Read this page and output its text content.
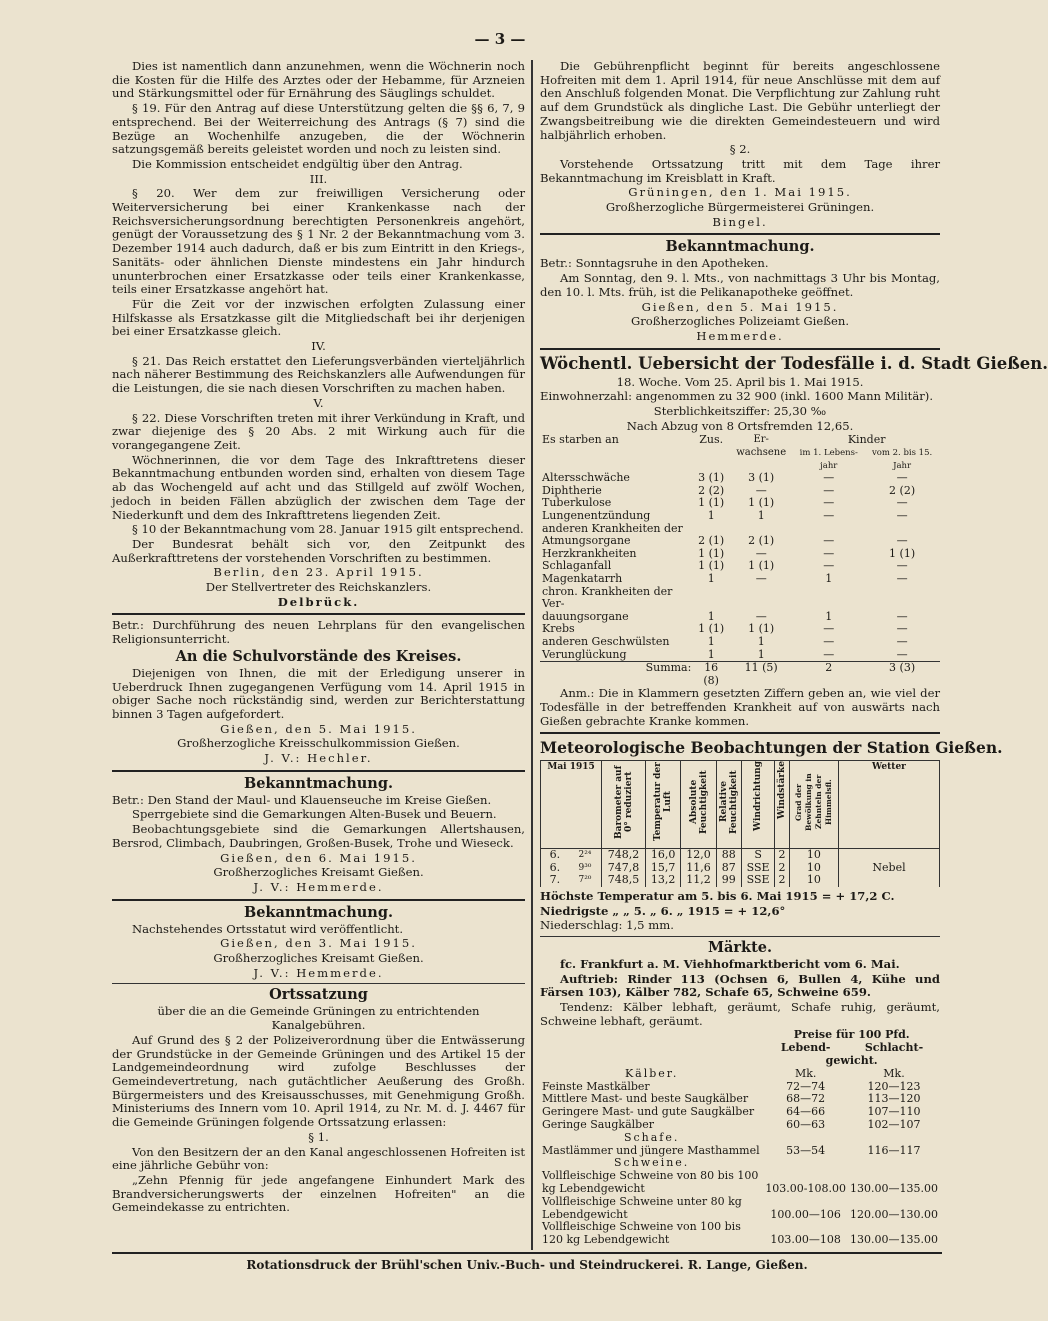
— 3 —

Dies ist namentlich dann anzunehmen, wenn die Wöchnerin noch die Kosten für die Hilfe des Arztes oder der Hebamme, für Arzneien und Stärkungsmittel oder für Ernährung des Säuglings schuldet.

§ 19. Für den Antrag auf diese Unterstützung gelten die §§ 6, 7, 9 entsprechend. Bei der Weiterreichung des Antrags (§ 7) sind die Bezüge an Wochenhilfe anzugeben, die der Wöchnerin satzungsgemäß bereits geleistet worden und noch zu leisten sind.

Die Kommission entscheidet endgültig über den Antrag.

III.

§ 20. Wer dem zur freiwilligen Versicherung oder Weiterversicherung bei einer Krankenkasse nach der Reichsversicherungsordnung berechtigten Personenkreis angehört, genügt der Voraussetzung des § 1 Nr. 2 der Bekanntmachung vom 3. Dezember 1914 auch dadurch, daß er bis zum Eintritt in den Kriegs-, Sanitäts- oder ähnlichen Dienste mindestens ein Jahr hindurch ununterbrochen einer Ersatzkasse oder teils einer Krankenkasse, teils einer Ersatzkasse angehört hat.

Für die Zeit vor der inzwischen erfolgten Zulassung einer Hilfskasse als Ersatzkasse gilt die Mitgliedschaft bei ihr derjenigen bei einer Ersatzkasse gleich.

IV.

§ 21. Das Reich erstattet den Lieferungsverbänden vierteljährlich nach näherer Bestimmung des Reichskanzlers alle Aufwendungen für die Leistungen, die sie nach diesen Vorschriften zu machen haben.

V.

§ 22. Diese Vorschriften treten mit ihrer Verkündung in Kraft, und zwar diejenige des § 20 Abs. 2 mit Wirkung auch für die vorangegangene Zeit.

Wöchnerinnen, die vor dem Tage des Inkrafttretens dieser Bekanntmachung entbunden worden sind, erhalten von diesem Tage ab das Wochengeld auf acht und das Stillgeld auf zwölf Wochen, jedoch in beiden Fällen abzüglich der zwischen dem Tage der Niederkunft und dem des Inkrafttretens liegenden Zeit.

§ 10 der Bekanntmachung vom 28. Januar 1915 gilt entsprechend.

Der Bundesrat behält sich vor, den Zeitpunkt des Außerkrafttretens der vorstehenden Vorschriften zu bestimmen.

Berlin, den 23. April 1915.

Der Stellvertreter des Reichskanzlers.

Delbrück.

Betr.: Durchführung des neuen Lehrplans für den evangelischen Religionsunterricht.

An die Schulvorstände des Kreises.

Diejenigen von Ihnen, die mit der Erledigung unserer in Ueberdruck Ihnen zugegangenen Verfügung vom 14. April 1915 in obiger Sache noch rückständig sind, werden zur Berichterstattung binnen 3 Tagen aufgefordert.

Gießen, den 5. Mai 1915.

Großherzogliche Kreisschulkommission Gießen.

J. V.: Hechler.

Bekanntmachung.

Betr.: Den Stand der Maul- und Klauenseuche im Kreise Gießen.

Sperrgebiete sind die Gemarkungen Alten-Busek und Beuern.

Beobachtungsgebiete sind die Gemarkungen Allertshausen, Bersrod, Climbach, Daubringen, Großen-Busek, Trohe und Wieseck.

Gießen, den 6. Mai 1915.

Großherzogliches Kreisamt Gießen.

J. V.: Hemmerde.

Bekanntmachung.

Nachstehendes Ortsstatut wird veröffentlicht.

Gießen, den 3. Mai 1915.

Großherzogliches Kreisamt Gießen.

J. V.: Hemmerde.

Ortssatzung

über die an die Gemeinde Grüningen zu entrichtenden Kanalgebühren.

Auf Grund des § 2 der Polizeiverordnung über die Entwässerung der Grundstücke in der Gemeinde Grüningen und des Artikel 15 der Landgemeindeordnung wird zufolge Beschlusses der Gemeindevertretung, nach gutächtlicher Aeußerung des Großh. Bürgermeisters und des Kreisausschusses, mit Genehmigung Großh. Ministeriums des Innern vom 10. April 1914, zu Nr. M. d. J. 4467 für die Gemeinde Grüningen folgende Ortssatzung erlassen:

§ 1.

Von den Besitzern der an den Kanal angeschlossenen Hofreiten ist eine jährliche Gebühr von:

„Zehn Pfennig für jede angefangene Einhundert Mark des Brandversicherungswerts der einzelnen Hofreiten" an die Gemeindekasse zu entrichten.

Die Gebührenpflicht beginnt für bereits angeschlossene Hofreiten mit dem 1. April 1914, für neue Anschlüsse mit dem auf den Anschluß folgenden Monat. Die Verpflichtung zur Zahlung ruht auf dem Grundstück als dingliche Last. Die Gebühr unterliegt der Zwangsbeitreibung wie die direkten Gemeindesteuern und wird halbjährlich erhoben.

§ 2.

Vorstehende Ortssatzung tritt mit dem Tage ihrer Bekanntmachung im Kreisblatt in Kraft.

Grüningen, den 1. Mai 1915.

Großherzogliche Bürgermeisterei Grüningen.

Bingel.

Bekanntmachung.

Betr.: Sonntagsruhe in den Apotheken.

Am Sonntag, den 9. l. Mts., von nachmittags 3 Uhr bis Montag, den 10. l. Mts. früh, ist die Pelikanapotheke geöffnet.

Gießen, den 5. Mai 1915.

Großherzogliches Polizeiamt Gießen.

Hemmerde.

Wöchentl. Uebersicht der Todesfälle i. d. Stadt Gießen.

18. Woche. Vom 25. April bis 1. Mai 1915.

Einwohnerzahl: angenommen zu 32 900 (inkl. 1600 Mann Militär).

Sterblichkeitsziffer: 25,30 ‰

Nach Abzug von 8 Ortsfremden 12,65.

Es starben an	Zus.	Erwachsene	Kinder	
			im 1. Lebensjahr	vom 2. bis 15. Jahr
Altersschwäche	3 (1)	3 (1)	—	—
Diphtherie	2 (2)	—	—	2 (2)
Tuberkulose	1 (1)	1 (1)	—	—
Lungenentzündung	1	1	—	—
anderen Krankheiten der				
Atmungsorgane	2 (1)	2 (1)	—	—
Herzkrankheiten	1 (1)	—	—	1 (1)
Schlaganfall	1 (1)	1 (1)	—	—
Magenkatarrh	1	—	1	—
chron. Krankheiten der Ver-				
dauungsorgane	1	—	1	—
Krebs	1 (1)	1 (1)	—	—
anderen Geschwülsten	1	1	—	—
Verunglückung	1	1	—	—
Summa:	16 (8)	11 (5)	2	3 (3)

Anm.: Die in Klammern gesetzten Ziffern geben an, wie viel der Todesfälle in der betreffenden Krankheit auf von auswärts nach Gießen gebrachte Kranke kommen.

Meteorologische Beobachtungen der Station Gießen.
Mai 1915		Barometer auf 0° reduziert	Temperatur der Luft	Absolute Feuchtigkeit	Relative Feuchtigkeit	Windrichtung	Windstärke	Grad der Bewölkung in Zehnteln der Himmelsfl.	Wetter
6.	2²⁴	748,2	16,0	12,0	88	S	2	10	
6.	9³⁰	747,8	15,7	11,6	87	SSE	2	10	Nebel
7.	7²⁰	748,5	13,2	11,2	99	SSE	2	10	

Höchste Temperatur am 5. bis 6. Mai 1915 = + 17,2 C.

Niedrigste „ „ 5. „ 6. „ 1915 = + 12,6°

Niederschlag: 1,5 mm.

Märkte.

fc. Frankfurt a. M. Viehhofmarktbericht vom 6. Mai.

Auftrieb: Rinder 113 (Ochsen 6, Bullen 4, Kühe und Färsen 103), Kälber 782, Schafe 65, Schweine 659.

Tendenz: Kälber lebhaft, geräumt, Schafe ruhig, geräumt, Schweine lebhaft, geräumt.

	Preise für 100 Pfd.	
	Lebend-	Schlacht-
	gewicht.	
Kälber.	Mk.	Mk.
Feinste Mastkälber	72—74	120—123
Mittlere Mast- und beste Saugkälber	68—72	113—120
Geringere Mast- und gute Saugkälber	64—66	107—110
Geringe Saugkälber	60—63	102—107
Schafe.		
Mastlämmer und jüngere Masthammel	53—54	116—117
Schweine.		
Vollfleischige Schweine von 80 bis 100 kg Lebendgewicht	103.00-108.00	130.00—135.00
Vollfleischige Schweine unter 80 kg Lebendgewicht	100.00—106	120.00—130.00
Vollfleischige Schweine von 100 bis 120 kg Lebendgewicht	103.00—108	130.00—135.00
Rotationsdruck der Brühl'schen Univ.-Buch- und Steindruckerei. R. Lange, Gießen.
